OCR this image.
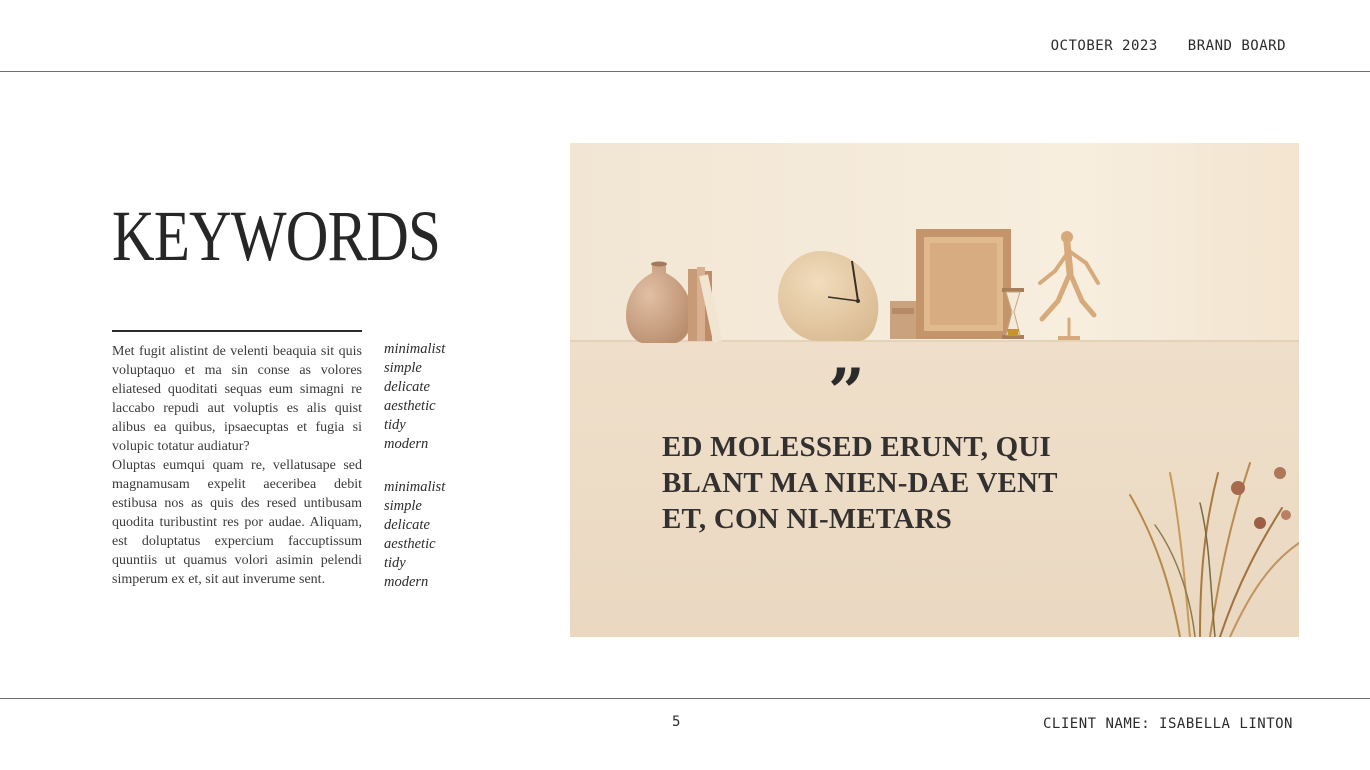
OCTOBER 2023 BRAND BOARD
KEYWORDS

Met fugit alistint de velenti beaquia sit quis voluptaquo et ma sin conse as volores eliatesed quoditati sequas eum simagni re laccabo repudi aut voluptis es alis quist alibus ea quibus, ipsaecuptas et fugia si volupic totatur audiatur?

Oluptas eumqui quam re, vellatusape sed magnamusam expelit aeceribea debit estibusa nos as quis des resed untibusam quodita turibustint res por audae. Aliquam, est doluptatus expercium faccuptissum quuntiis ut quamus volori asimin pelendi simperum ex et, sit aut inverume sent.

minimalist
simple
delicate
aesthetic
tidy
modern
minimalist
simple
delicate
aesthetic
tidy
modern
”

ED MOLESSED ERUNT, QUI BLANT MA NIEN-DAE VENT ET, CON NI-METARS

5	CLIENT NAME: ISABELLA LINTON
